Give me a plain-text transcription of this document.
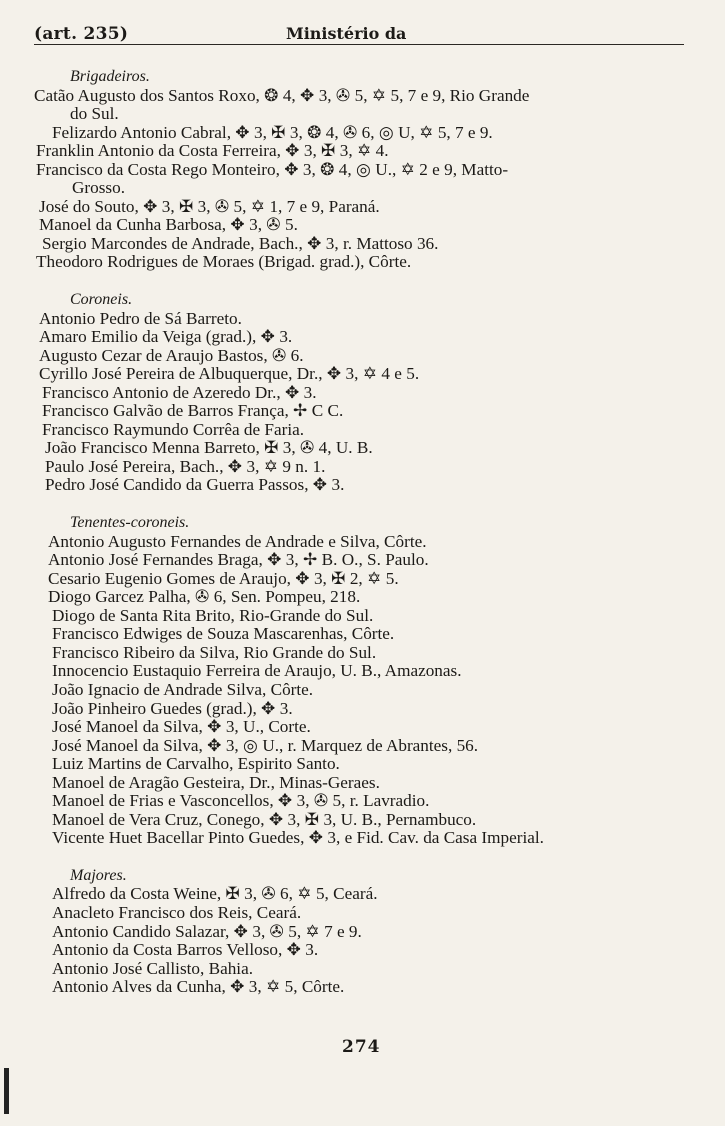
(art. 235)	Ministério da
Brigadeiros.
Catão Augusto dos Santos Roxo, ❂ 4, ✥ 3, ✇ 5, ✡ 5, 7 e 9, Rio Grande
do Sul.
Felizardo Antonio Cabral, ✥ 3, ✠ 3, ❂ 4, ✇ 6, ◎ U, ✡ 5, 7 e 9.
Franklin Antonio da Costa Ferreira, ✥ 3, ✠ 3, ✡ 4.
Francisco da Costa Rego Monteiro, ✥ 3, ❂ 4, ◎ U., ✡ 2 e 9, Matto-
Grosso.
José do Souto, ✥ 3, ✠ 3, ✇ 5, ✡ 1, 7 e 9, Paraná.
Manoel da Cunha Barbosa, ✥ 3, ✇ 5.
Sergio Marcondes de Andrade, Bach., ✥ 3, r. Mattoso 36.
Theodoro Rodrigues de Moraes (Brigad. grad.), Côrte.
Coroneis.
Antonio Pedro de Sá Barreto.
Amaro Emilio da Veiga (grad.), ✥ 3.
Augusto Cezar de Araujo Bastos, ✇ 6.
Cyrillo José Pereira de Albuquerque, Dr., ✥ 3, ✡ 4 e 5.
Francisco Antonio de Azeredo Dr., ✥ 3.
Francisco Galvão de Barros França, ✢ C C.
Francisco Raymundo Corrêa de Faria.
João Francisco Menna Barreto, ✠ 3, ✇ 4, U. B.
Paulo José Pereira, Bach., ✥ 3, ✡ 9 n. 1.
Pedro José Candido da Guerra Passos, ✥ 3.
Tenentes-coroneis.
Antonio Augusto Fernandes de Andrade e Silva, Côrte.
Antonio José Fernandes Braga, ✥ 3, ✢ B. O., S. Paulo.
Cesario Eugenio Gomes de Araujo, ✥ 3, ✠ 2, ✡ 5.
Diogo Garcez Palha, ✇ 6, Sen. Pompeu, 218.
Diogo de Santa Rita Brito, Rio-Grande do Sul.
Francisco Edwiges de Souza Mascarenhas, Côrte.
Francisco Ribeiro da Silva, Rio Grande do Sul.
Innocencio Eustaquio Ferreira de Araujo, U. B., Amazonas.
João Ignacio de Andrade Silva, Côrte.
João Pinheiro Guedes (grad.), ✥ 3.
José Manoel da Silva, ✥ 3, U., Corte.
José Manoel da Silva, ✥ 3, ◎ U., r. Marquez de Abrantes, 56.
Luiz Martins de Carvalho, Espirito Santo.
Manoel de Aragão Gesteira, Dr., Minas-Geraes.
Manoel de Frias e Vasconcellos, ✥ 3, ✇ 5, r. Lavradio.
Manoel de Vera Cruz, Conego, ✥ 3, ✠ 3, U. B., Pernambuco.
Vicente Huet Bacellar Pinto Guedes, ✥ 3, e Fid. Cav. da Casa Imperial.
Majores.
Alfredo da Costa Weine, ✠ 3, ✇ 6, ✡ 5, Ceará.
Anacleto Francisco dos Reis, Ceará.
Antonio Candido Salazar, ✥ 3, ✇ 5, ✡ 7 e 9.
Antonio da Costa Barros Velloso, ✥ 3.
Antonio José Callisto, Bahia.
Antonio Alves da Cunha, ✥ 3, ✡ 5, Côrte.
274
